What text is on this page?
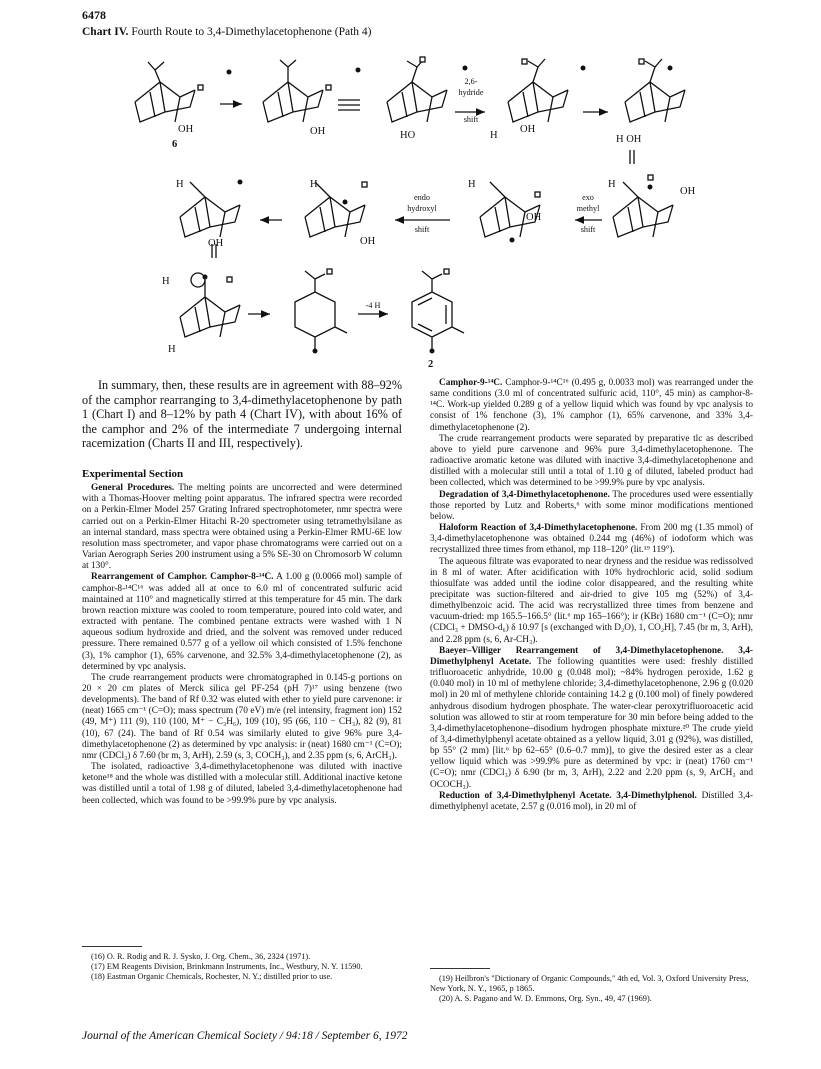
6478
Chart IV. Fourth Route to 3,4-Dimethylacetophenone (Path 4)
OH	OH	HO	H
OH
H OH
H
OH
H
OH
H
OH
H
OH
H
H
6
2
2,6-
hydride
shift
exo
methyl
shift
endo
hydroxyl
shift
-4 H
In summary, then, these results are in agreement with 88–92% of the camphor rearranging to 3,4-dimethylacetophenone by path 1 (Chart I) and 8–12% by path 4 (Chart IV), with about 16% of the camphor and 2% of the intermediate 7 undergoing internal racemization (Charts II and III, respectively).
Experimental Section

General Procedures. The melting points are uncorrected and were determined with a Thomas-Hoover melting point apparatus. The infrared spectra were recorded on a Perkin-Elmer Model 257 Grating Infrared spectrophotometer, nmr spectra were carried out on a Perkin-Elmer Hitachi R-20 spectrometer using tetramethylsilane as an internal standard, mass spectra were obtained using a Perkin-Elmer RMU-6E low resolution mass spectrometer, and vapor phase chromatograms were carried out on a Varian Aerograph Series 200 instrument using a 5% SE-30 on Chromosorb W column at 130°.

Rearrangement of Camphor. Camphor-8-¹⁴C. A 1.00 g (0.0066 mol) sample of camphor-8-¹⁴C¹⁶ was added all at once to 6.0 ml of concentrated sulfuric acid maintained at 110° and magnetically stirred at this temperature for 45 min. The dark brown reaction mixture was cooled to room temperature, poured into cold water, and extracted with pentane. The combined pentane extracts were washed with 1 N aqueous sodium hydroxide and dried, and the solvent was removed under reduced pressure. There remained 0.577 g of a yellow oil which consisted of 1.5% fenchone (3), 1% camphor (1), 65% carvenone, and 32.5% 3,4-dimethylacetophenone (2), as determined by vpc analysis.

The crude rearrangement products were chromatographed in 0.145-g portions on 20 × 20 cm plates of Merck silica gel PF-254 (pH 7)¹⁷ using benzene (two developments). The band of Rf 0.32 was eluted with ether to yield pure carvenone: ir (neat) 1665 cm⁻¹ (C=O); mass spectrum (70 eV) m/e (rel intensity, fragment ion) 152 (49, M⁺) 111 (9), 110 (100, M⁺ − C₃H₆), 109 (10), 95 (66, 110 − CH₃), 82 (9), 81 (10), 67 (24). The band of Rf 0.54 was similarly eluted to give 96% pure 3,4-dimethylacetophenone (2) as determined by vpc analysis: ir (neat) 1680 cm⁻¹ (C=O); nmr (CDCl₃) δ 7.60 (br m, 3, ArH), 2.59 (s, 3, COCH₃), and 2.35 ppm (s, 6, ArCH₃).

The isolated, radioactive 3,4-dimethylacetophenone was diluted with inactive ketone¹⁸ and the whole was distilled with a molecular still. Additional inactive ketone was distilled until a total of 1.98 g of diluted, labeled 3,4-dimethylacetophenone had been collected, which was found to be >99.9% pure by vpc analysis.

Camphor-9-¹⁴C. Camphor-9-¹⁴C¹⁶ (0.495 g, 0.0033 mol) was rearranged under the same conditions (3.0 ml of concentrated sulfuric acid, 110°, 45 min) as camphor-8-¹⁴C. Work-up yielded 0.289 g of a yellow liquid which was found by vpc analysis to consist of 1% fenchone (3), 1% camphor (1), 65% carvenone, and 33% 3,4-dimethylacetophenone (2).

The crude rearrangement products were separated by preparative tlc as described above to yield pure carvenone and 96% pure 3,4-dimethylacetophenone. The radioactive aromatic ketone was diluted with inactive 3,4-dimethylacetophenone and distilled with a molecular still until a total of 1.10 g of diluted, labeled product had been collected, which was determined to be >99.9% pure by vpc analysis.

Degradation of 3,4-Dimethylacetophenone. The procedures used were essentially those reported by Lutz and Roberts,⁶ with some minor modifications mentioned below.

Haloform Reaction of 3,4-Dimethylacetophenone. From 200 mg (1.35 mmol) of 3,4-dimethylacetophenone was obtained 0.244 mg (46%) of iodoform which was recrystallized three times from ethanol, mp 118–120° (lit.¹⁹ 119°).

The aqueous filtrate was evaporated to near dryness and the residue was redissolved in 8 ml of water. After acidification with 10% hydrochloric acid, solid sodium thiosulfate was added until the iodine color disappeared, and the resulting white precipitate was suction-filtered and air-dried to give 105 mg (52%) of 3,4-dimethylbenzoic acid. The acid was recrystallized three times from benzene and vacuum-dried: mp 165.5–166.5° (lit.⁶ mp 165–166°); ir (KBr) 1680 cm⁻¹ (C=O); nmr (CDCl₃ + DMSO-d₆) δ 10.97 [s (exchanged with D₂O), 1, CO₂H], 7.45 (br m, 3, ArH), and 2.28 ppm (s, 6, Ar-CH₃).

Baeyer–Villiger Rearrangement of 3,4-Dimethylacetophenone. 3,4-Dimethylphenyl Acetate. The following quantities were used: freshly distilled trifluoroacetic anhydride, 10.00 g (0.048 mol); ~84% hydrogen peroxide, 1.62 g (0.040 mol) in 10 ml of methylene chloride; 3,4-dimethylacetophenone, 2.96 g (0.020 mol) in 20 ml of methylene chloride containing 14.2 g (0.100 mol) of finely powdered anhydrous disodium hydrogen phosphate. The water-clear peroxytrifluoroacetic acid solution was allowed to stir at room temperature for 30 min before being added to the 3,4-dimethylacetophenone–disodium hydrogen phosphate mixture.²⁰ The crude yield of 3,4-dimethylphenyl acetate obtained as a yellow liquid, 3.01 g (92%), was distilled, bp 55° (2 mm) [lit.⁶ bp 62–65° (0.6–0.7 mm)], to give the desired ester as a clear yellow liquid which was >99.9% pure as determined by vpc: ir (neat) 1760 cm⁻¹ (C=O); nmr (CDCl₃) δ 6.90 (br m, 3, ArH), 2.22 and 2.20 ppm (s, 9, ArCH₃ and OCOCH₃).

Reduction of 3,4-Dimethylphenyl Acetate. 3,4-Dimethylphenol. Distilled 3,4-dimethylphenyl acetate, 2.57 g (0.016 mol), in 20 ml of

(16) O. R. Rodig and R. J. Sysko, J. Org. Chem., 36, 2324 (1971).
(17) EM Reagents Division, Brinkmann Instruments, Inc., Westbury, N. Y. 11590.
(18) Eastman Organic Chemicals, Rochester, N. Y.; distilled prior to use.	(19) Heilbron's "Dictionary of Organic Compounds," 4th ed, Vol. 3, Oxford University Press, New York, N. Y., 1965, p 1865.
(20) A. S. Pagano and W. D. Emmons, Org. Syn., 49, 47 (1969).
Journal of the American Chemical Society / 94:18 / September 6, 1972
